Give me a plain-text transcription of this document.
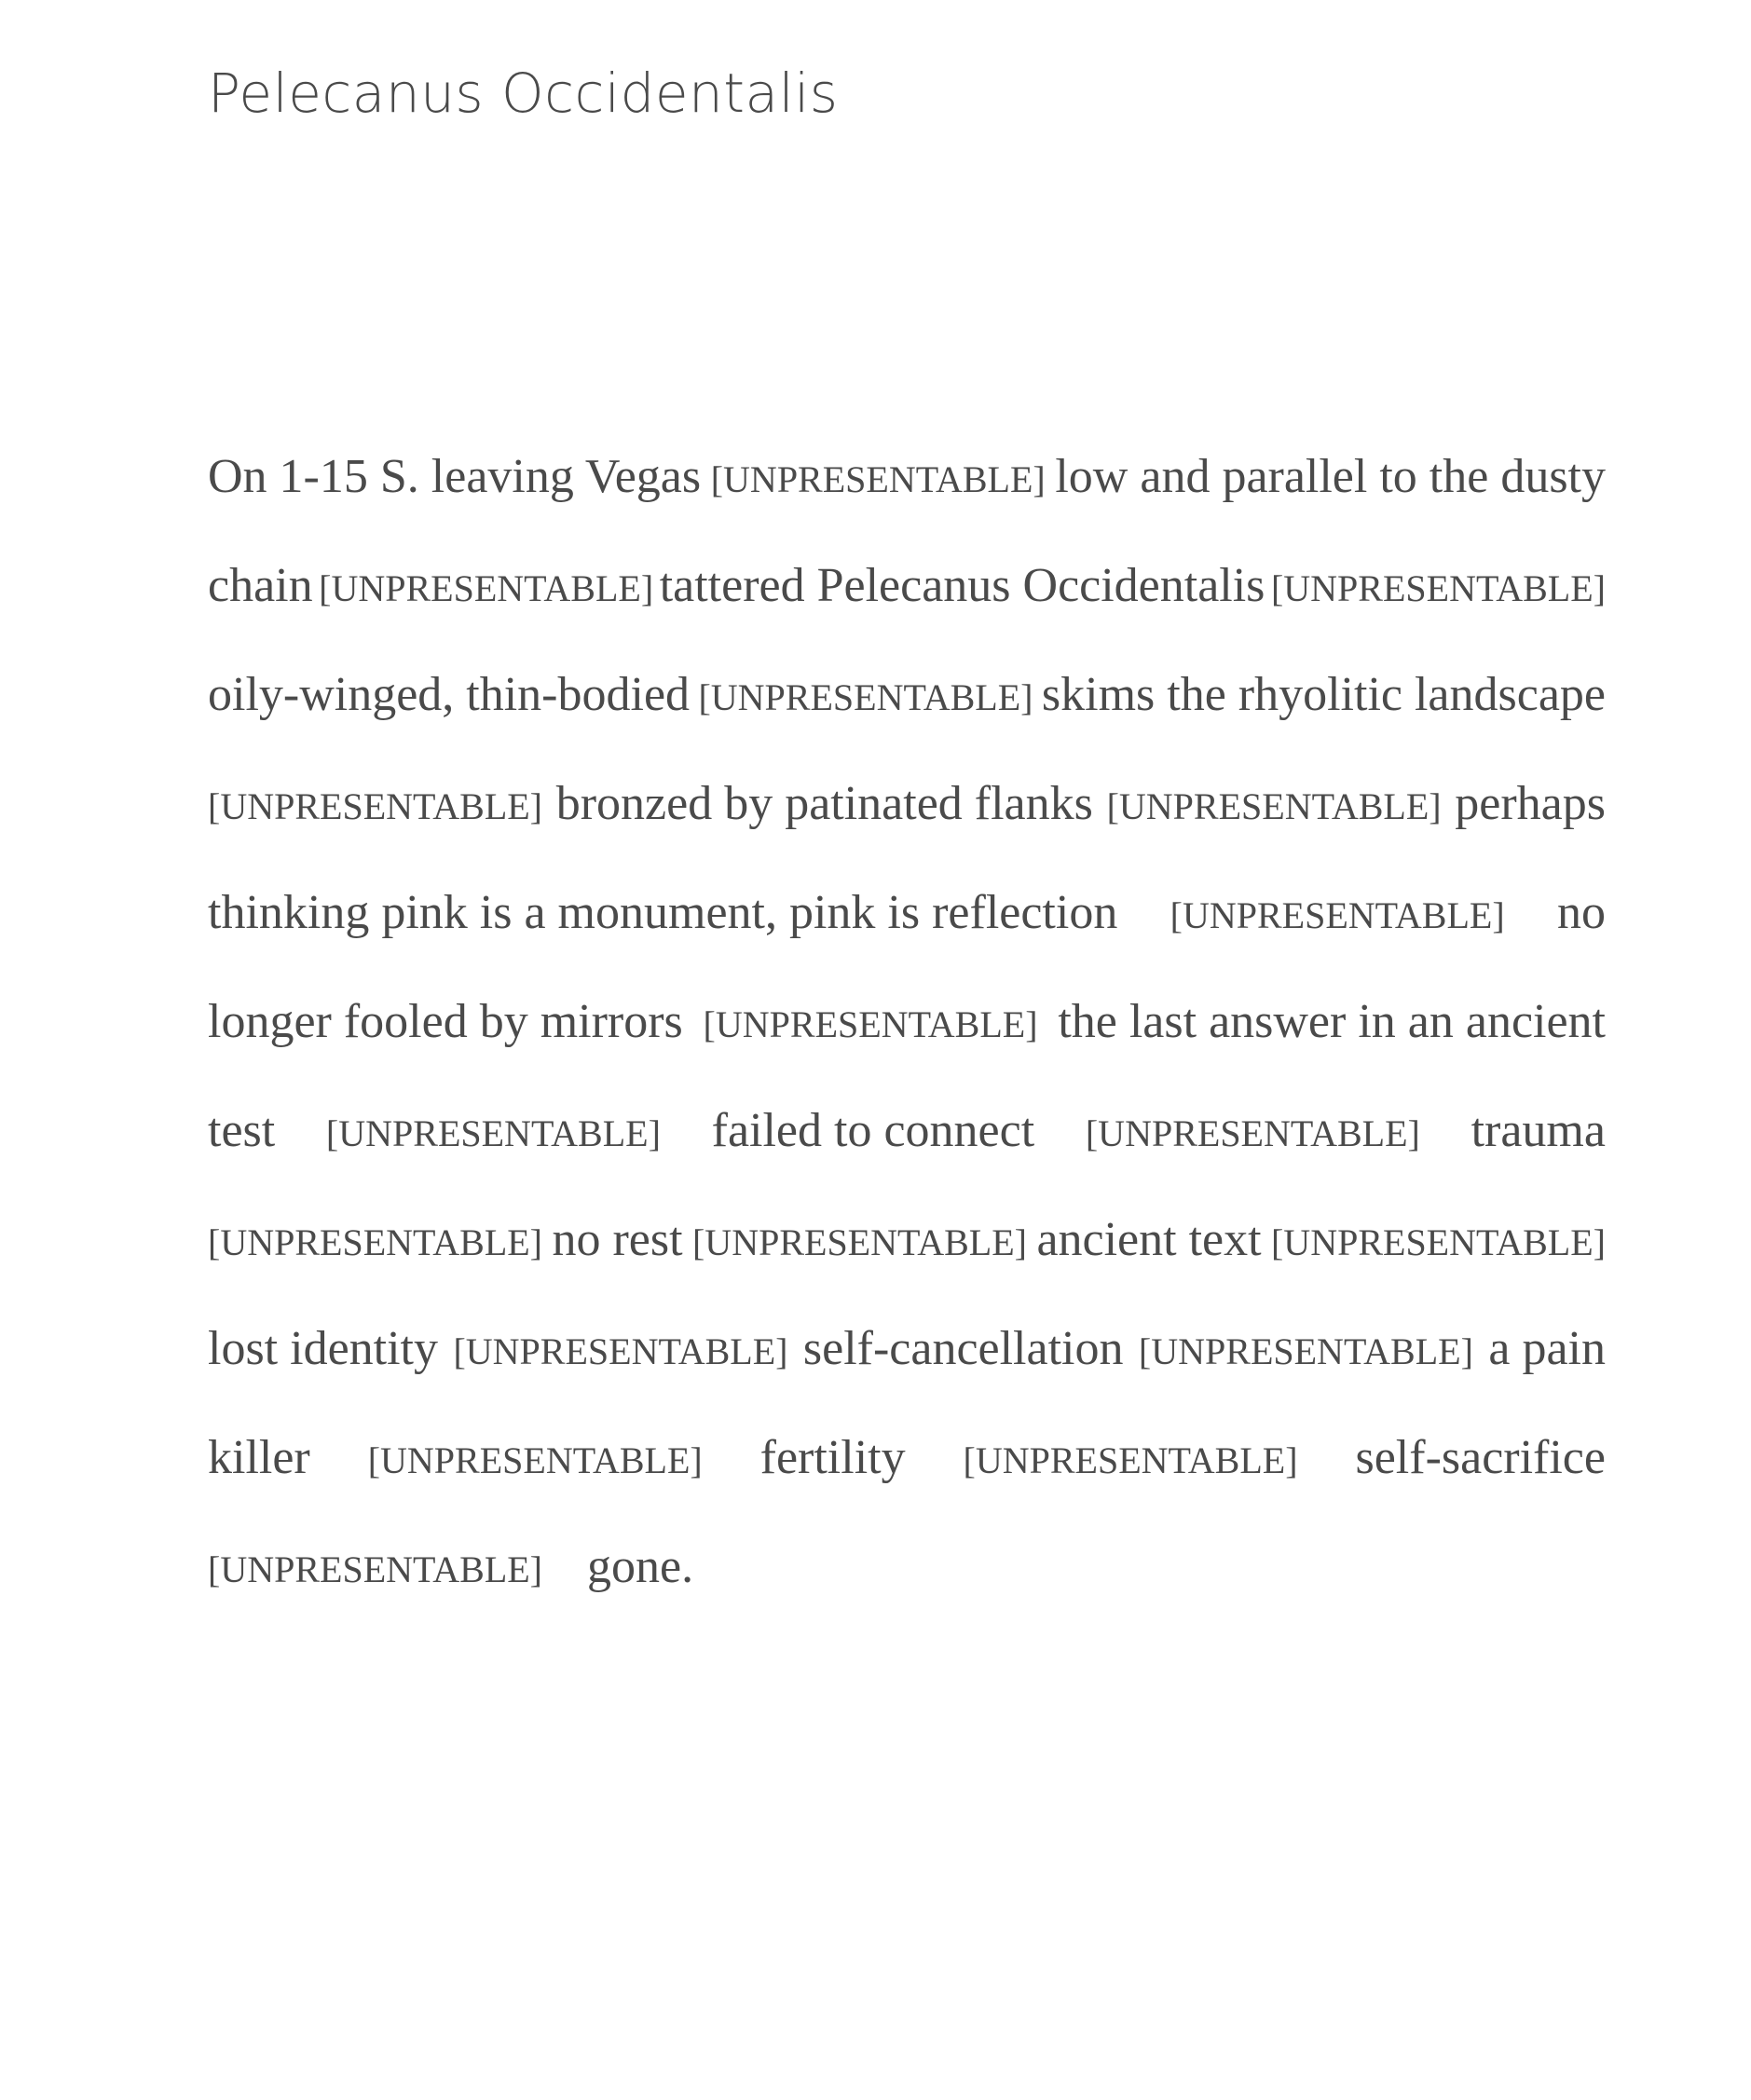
Pelecanus Occidentalis
On 1-15 S. leaving Vegas [UNPRESENTABLE] low and parallel to the dusty
chain [UNPRESENTABLE] tattered Pelecanus Occidentalis [UNPRESENTABLE]
oily-winged, thin-bodied [UNPRESENTABLE] skims the rhyolitic landscape
[UNPRESENTABLE] bronzed by patinated flanks [UNPRESENTABLE] perhaps
thinking pink is a monument, pink is reflection [UNPRESENTABLE] no
longer fooled by mirrors [UNPRESENTABLE] the last answer in an ancient
test [UNPRESENTABLE] failed to connect [UNPRESENTABLE] trauma
[UNPRESENTABLE] no rest [UNPRESENTABLE] ancient text [UNPRESENTABLE]
lost identity [UNPRESENTABLE] self-cancellation [UNPRESENTABLE] a pain
killer [UNPRESENTABLE] fertility [UNPRESENTABLE] self-sacrifice
[UNPRESENTABLE] gone.
